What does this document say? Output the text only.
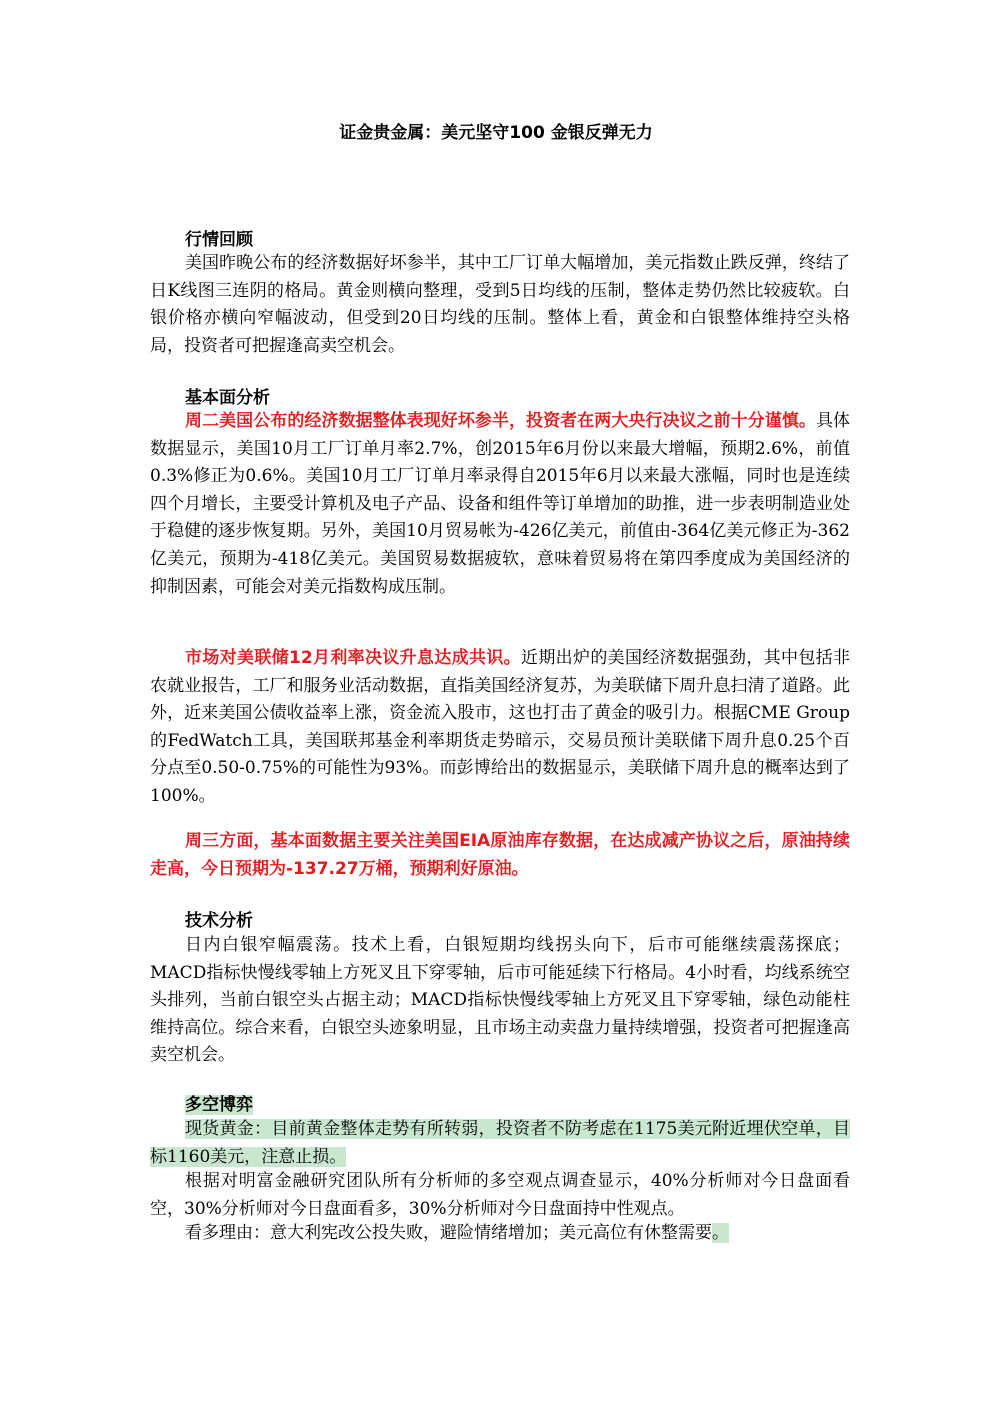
证金贵金属：美元坚守100 金银反弹无力
行情回顾

美国昨晚公布的经济数据好坏参半，其中工厂订单大幅增加，美元指数止跌反弹，终结了日K线图三连阴的格局。黄金则横向整理，受到5日均线的压制，整体走势仍然比较疲软。白银价格亦横向窄幅波动，但受到20日均线的压制。整体上看，黄金和白银整体维持空头格局，投资者可把握逢高卖空机会。

基本面分析

周二美国公布的经济数据整体表现好坏参半，投资者在两大央行决议之前十分谨慎。具体数据显示，美国10月工厂订单月率2.7%，创2015年6月份以来最大增幅，预期2.6%，前值0.3%修正为0.6%。美国10月工厂订单月率录得自2015年6月以来最大涨幅，同时也是连续四个月增长，主要受计算机及电子产品、设备和组件等订单增加的助推，进一步表明制造业处于稳健的逐步恢复期。另外，美国10月贸易帐为-426亿美元，前值由-364亿美元修正为-362亿美元，预期为-418亿美元。美国贸易数据疲软，意味着贸易将在第四季度成为美国经济的抑制因素，可能会对美元指数构成压制。

市场对美联储12月利率决议升息达成共识。近期出炉的美国经济数据强劲，其中包括非农就业报告，工厂和服务业活动数据，直指美国经济复苏，为美联储下周升息扫清了道路。此外，近来美国公债收益率上涨，资金流入股市，这也打击了黄金的吸引力。根据CME Group的FedWatch工具，美国联邦基金利率期货走势暗示，交易员预计美联储下周升息0.25个百分点至0.50-0.75%的可能性为93%。而彭博给出的数据显示，美联储下周升息的概率达到了100%。

周三方面，基本面数据主要关注美国EIA原油库存数据，在达成减产协议之后，原油持续走高，今日预期为-137.27万桶，预期利好原油。

技术分析

日内白银窄幅震荡。技术上看，白银短期均线拐头向下，后市可能继续震荡探底；MACD指标快慢线零轴上方死叉且下穿零轴，后市可能延续下行格局。4小时看，均线系统空头排列，当前白银空头占据主动；MACD指标快慢线零轴上方死叉且下穿零轴，绿色动能柱维持高位。综合来看，白银空头迹象明显，且市场主动卖盘力量持续增强，投资者可把握逢高卖空机会。

多空博弈

现货黄金：目前黄金整体走势有所转弱，投资者不防考虑在1175美元附近埋伏空单，目标1160美元，注意止损。

根据对明富金融研究团队所有分析师的多空观点调查显示，40%分析师对今日盘面看空，30%分析师对今日盘面看多，30%分析师对今日盘面持中性观点。

看多理由：意大利宪改公投失败，避险情绪增加；美元高位有休整需要。
